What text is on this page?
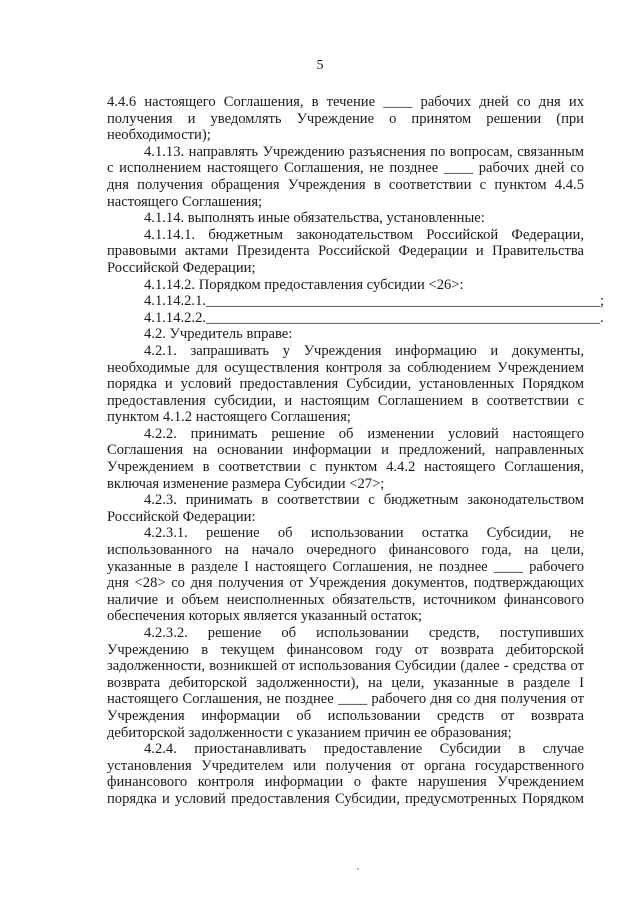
5

4.4.6 настоящего Соглашения, в течение ____ рабочих дней со дня их получения и уведомлять Учреждение о принятом решении (при необходимости);

4.1.13. направлять Учреждению разъяснения по вопросам, связанным с исполнением настоящего Соглашения, не позднее ____ рабочих дней со дня получения обращения Учреждения в соответствии с пунктом 4.4.5 настоящего Соглашения;

4.1.14. выполнять иные обязательства, установленные:

4.1.14.1. бюджетным законодательством Российской Федерации, правовыми актами Президента Российской Федерации и Правительства Российской Федерации;

4.1.14.2. Порядком предоставления субсидии <26>:

4.1.14.2.1.______________________________________________________;

4.1.14.2.2.______________________________________________________.

4.2. Учредитель вправе:

4.2.1. запрашивать у Учреждения информацию и документы, необходимые для осуществления контроля за соблюдением Учреждением порядка и условий предоставления Субсидии, установленных Порядком предоставления субсидии, и настоящим Соглашением в соответствии с пунктом 4.1.2 настоящего Соглашения;

4.2.2. принимать решение об изменении условий настоящего Соглашения на основании информации и предложений, направленных Учреждением в соответствии с пунктом 4.4.2 настоящего Соглашения, включая изменение размера Субсидии <27>;

4.2.3. принимать в соответствии с бюджетным законодательством Российской Федерации:

4.2.3.1. решение об использовании остатка Субсидии, не использованного на начало очередного финансового года, на цели, указанные в разделе I настоящего Соглашения, не позднее ____ рабочего дня <28> со дня получения от Учреждения документов, подтверждающих наличие и объем неисполненных обязательств, источником финансового обеспечения которых является указанный остаток;

4.2.3.2. решение об использовании средств, поступивших Учреждению в текущем финансовом году от возврата дебиторской задолженности, возникшей от использования Субсидии (далее - средства от возврата дебиторской задолженности), на цели, указанные в разделе I настоящего Соглашения, не позднее ____ рабочего дня со дня получения от Учреждения информации об использовании средств от возврата дебиторской задолженности с указанием причин ее образования;

4.2.4. приостанавливать предоставление Субсидии в случае установления Учредителем или получения от органа государственного финансового контроля информации о факте нарушения Учреждением порядка и условий предоставления Субсидии, предусмотренных Порядком
